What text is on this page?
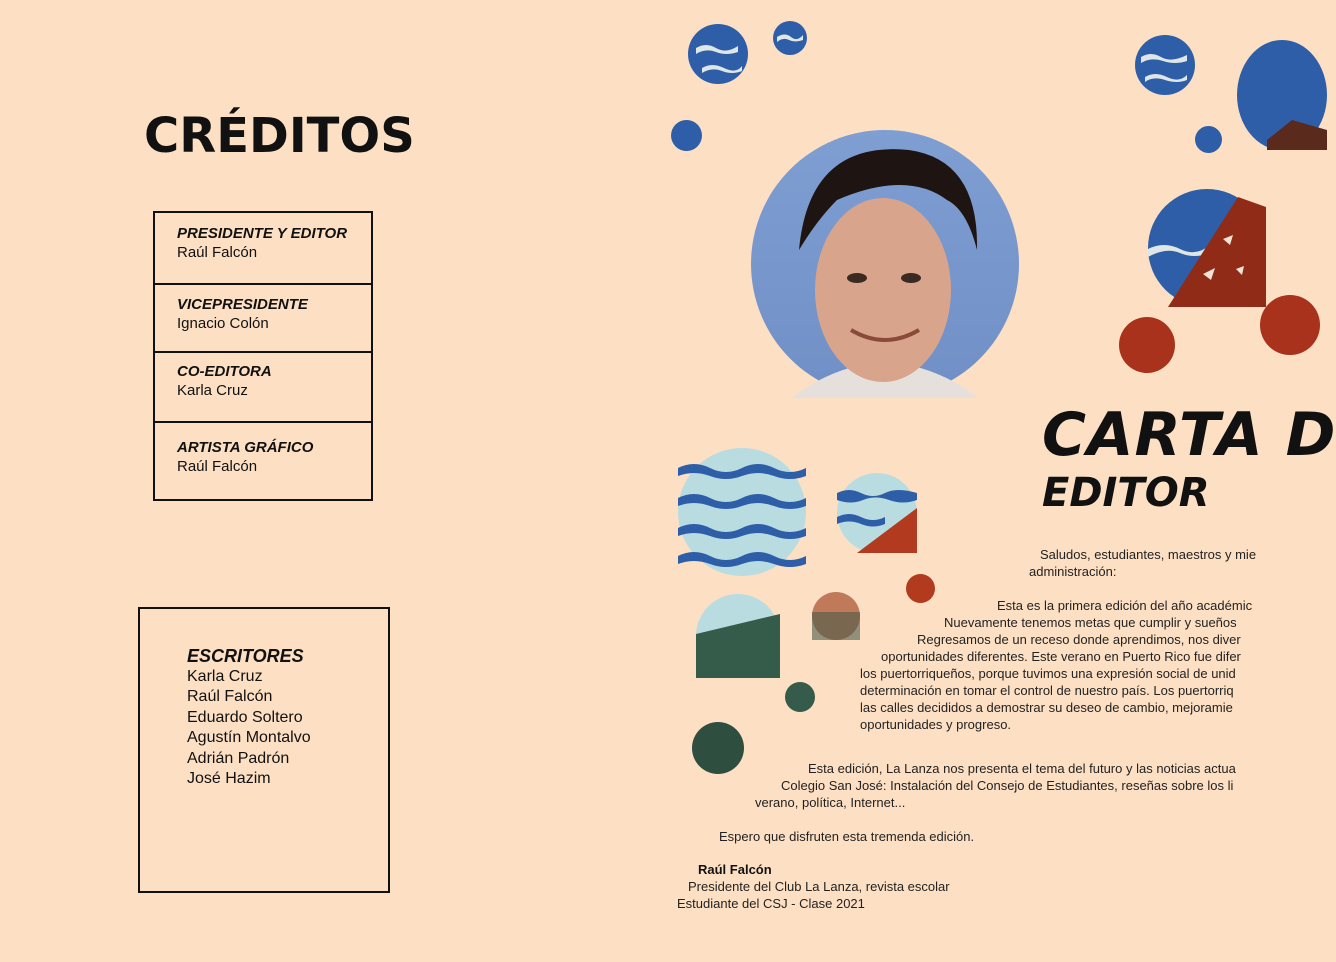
CRÉDITOS
PRESIDENTE Y EDITOR
Raúl Falcón
VICEPRESIDENTE
Ignacio Colón
CO-EDITORA
Karla Cruz
ARTISTA GRÁFICO
Raúl Falcón
ESCRITORES
Karla Cruz
Raúl Falcón
Eduardo Soltero
Agustín Montalvo
Adrián Padrón
José Hazim
CARTA D
EDITOR
Saludos, estudiantes, maestros y mie
administración:
Esta es la primera edición del año académic
Nuevamente tenemos metas que cumplir y sueños
Regresamos de un receso donde aprendimos, nos diver
oportunidades diferentes. Este verano en Puerto Rico fue difer
los puertorriqueños, porque tuvimos una expresión social de unid
determinación en tomar el control de nuestro país. Los puertorriq
las calles decididos a demostrar su deseo de cambio, mejoramie
oportunidades y progreso.
Esta edición, La Lanza nos presenta el tema del futuro y las noticias actua
Colegio San José: Instalación del Consejo de Estudiantes, reseñas sobre los li
verano, política, Internet...
Espero que disfruten esta tremenda edición.
Raúl Falcón
Presidente del Club La Lanza, revista escolar
Estudiante del CSJ - Clase 2021
